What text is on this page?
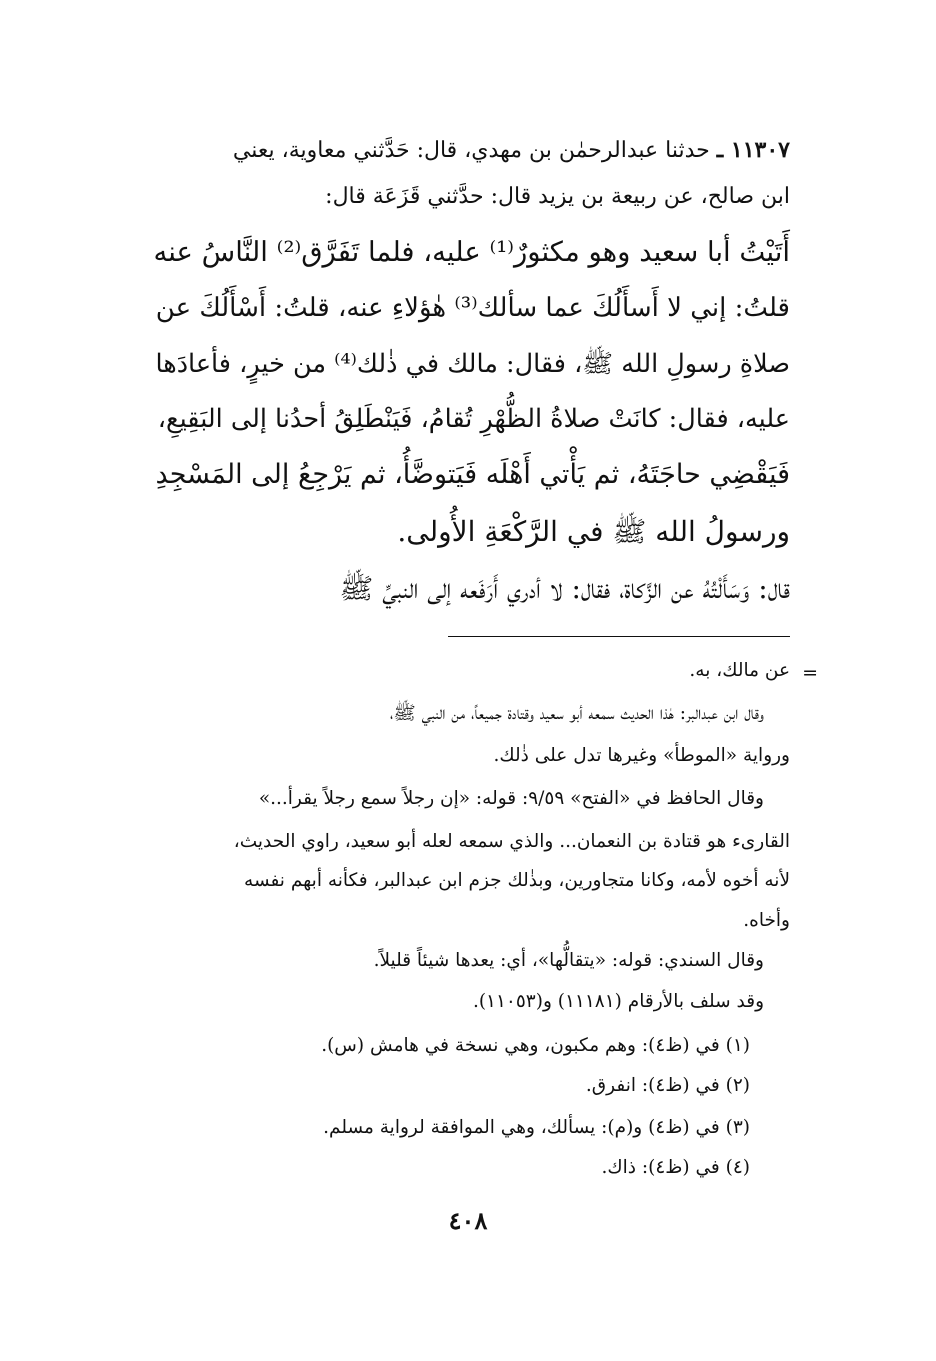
١١٣٠٧ ـ حدثنا عبدالرحمٰن بن مهدي، قال: حَدَّثني معاوية، يعني
ابن صالح، عن ربيعة بن يزيد قال: حدَّثني قَزَعَة قال:
أَتَيْتُ أبا سعيد وهو مكثورٌ⁽¹⁾ عليه، فلما تَفَرَّق⁽²⁾ النَّاسُ عنه
قلتُ: إني لا أَسأَلُكَ عما سألك⁽³⁾ هٰؤلاءِ عنه، قلتُ: أَسْأَلُكَ عن
صلاةِ رسولِ الله ﷺ، فقال: مالك في ذٰلك⁽⁴⁾ من خيرٍ، فأعادَها
عليه، فقال: كانَتْ صلاةُ الظُّهْرِ تُقامُ، فَيَنْطَلِقُ أحدُنا إلى البَقِيعِ،
فَيَقْضِي حاجَتَهُ، ثم يَأْتي أَهْلَه فَيَتوضَّأُ، ثم يَرْجِعُ إلى المَسْجِدِ
ورسولُ الله ﷺ في الرَّكْعَةِ الأُولى.
قال: وَسَأَلْتُهُ عن الزَّكاة، فقال: لا أدري أَرَفَعه إلى النبيِّ ﷺ
=
عن مالك، به.
وقال ابن عبدالبر: هٰذا الحديث سمعه أبو سعيد وقتادة جميعاً، من النبي ﷺ،
ورواية «الموطأ» وغيرها تدل على ذٰلك.
وقال الحافظ في «الفتح» ٩/٥٩: قوله: «إن رجلاً سمع رجلاً يقرأ...»
القارىء هو قتادة بن النعمان... والذي سمعه لعله أبو سعيد، راوي الحديث،
لأنه أخوه لأمه، وكانا متجاورين، وبذٰلك جزم ابن عبدالبر، فكأنه أبهم نفسه
وأخاه.
وقال السندي: قوله: «يتقالُّها»، أي: يعدها شيئاً قليلاً.
وقد سلف بالأرقام (١١١٨١) و(١١٠٥٣).
(١) في (ظ٤): وهم مكبون، وهي نسخة في هامش (س).
(٢) في (ظ٤): انفرق.
(٣) في (ظ٤) و(م): يسألك، وهي الموافقة لرواية مسلم.
(٤) في (ظ٤): ذاك.
٤٠٨
